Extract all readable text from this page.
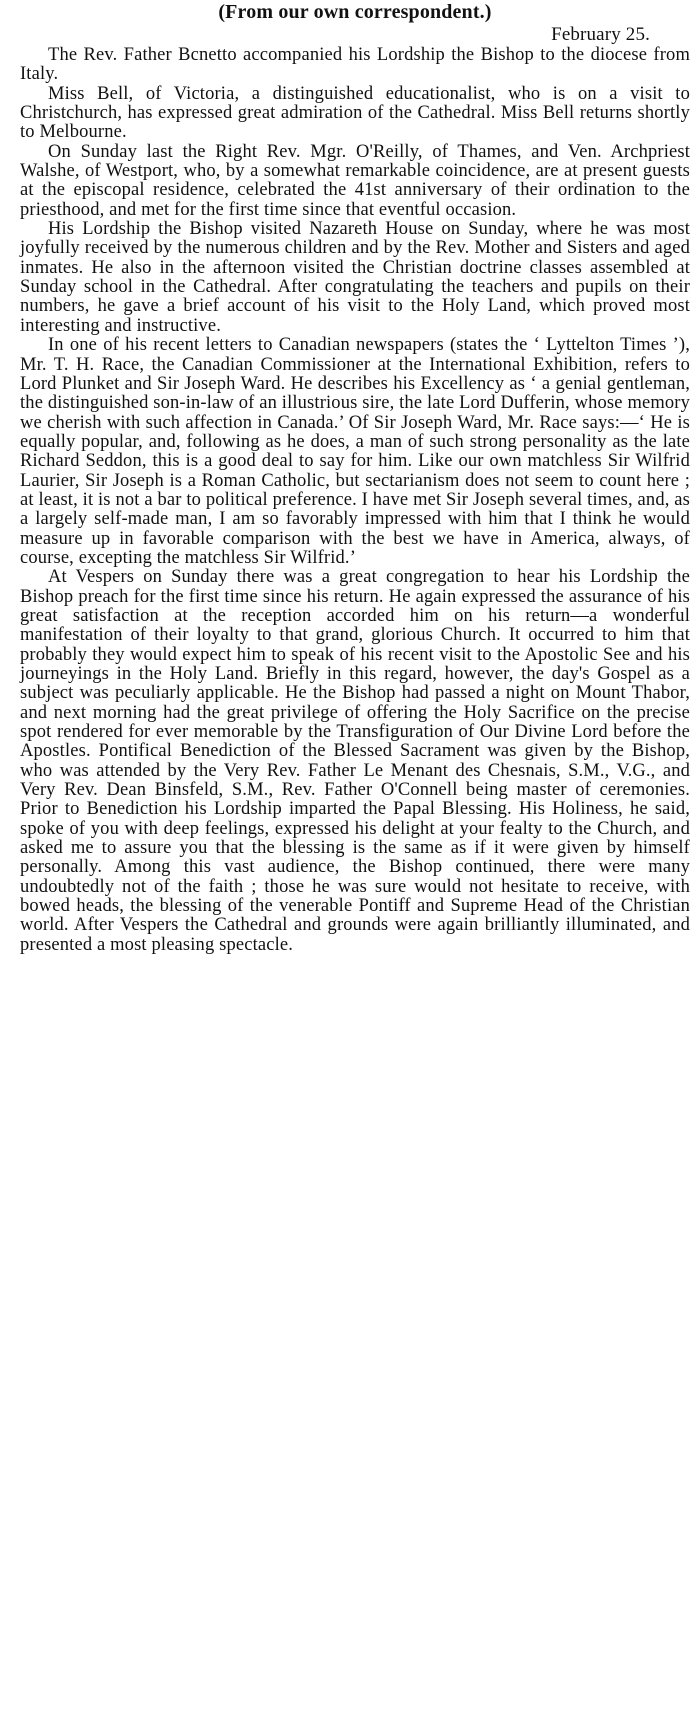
(From our own correspondent.)

February 25.

The Rev. Father Bcnetto accompanied his Lordship the Bishop to the diocese from Italy.

Miss Bell, of Victoria, a distinguished educationalist, who is on a visit to Christchurch, has expressed great admiration of the Cathedral. Miss Bell returns shortly to Melbourne.

On Sunday last the Right Rev. Mgr. O'Reilly, of Thames, and Ven. Archpriest Walshe, of Westport, who, by a somewhat remarkable coincidence, are at present guests at the episcopal residence, celebrated the 41st anniversary of their ordination to the priesthood, and met for the first time since that eventful occasion.

His Lordship the Bishop visited Nazareth House on Sunday, where he was most joyfully received by the numerous children and by the Rev. Mother and Sisters and aged inmates. He also in the afternoon visited the Christian doctrine classes assembled at Sunday school in the Cathedral. After congratulating the teachers and pupils on their numbers, he gave a brief account of his visit to the Holy Land, which proved most interesting and instructive.

In one of his recent letters to Canadian newspapers (states the ‘ Lyttelton Times ’), Mr. T. H. Race, the Canadian Commissioner at the International Exhibition, refers to Lord Plunket and Sir Joseph Ward. He describes his Excellency as ‘ a genial gentleman, the distinguished son-in-law of an illustrious sire, the late Lord Dufferin, whose memory we cherish with such affection in Canada.’ Of Sir Joseph Ward, Mr. Race says:—‘ He is equally popular, and, following as he does, a man of such strong personality as the late Richard Seddon, this is a good deal to say for him. Like our own matchless Sir Wilfrid Laurier, Sir Joseph is a Roman Catholic, but sectarianism does not seem to count here ; at least, it is not a bar to political preference. I have met Sir Joseph several times, and, as a largely self-made man, I am so favorably impressed with him that I think he would measure up in favorable comparison with the best we have in America, always, of course, excepting the matchless Sir Wilfrid.’

At Vespers on Sunday there was a great congregation to hear his Lordship the Bishop preach for the first time since his return. He again expressed the assurance of his great satisfaction at the reception accorded him on his return—a wonderful manifestation of their loyalty to that grand, glorious Church. It occurred to him that probably they would expect him to speak of his recent visit to the Apostolic See and his journeyings in the Holy Land. Briefly in this regard, however, the day's Gospel as a subject was peculiarly applicable. He the Bishop had passed a night on Mount Thabor, and next morning had the great privilege of offering the Holy Sacrifice on the precise spot rendered for ever memorable by the Transfiguration of Our Divine Lord before the Apostles. Pontifical Benediction of the Blessed Sacrament was given by the Bishop, who was attended by the Very Rev. Father Le Menant des Chesnais, S.M., V.G., and Very Rev. Dean Binsfeld, S.M., Rev. Father O'Connell being master of ceremonies. Prior to Benediction his Lordship imparted the Papal Blessing. His Holiness, he said, spoke of you with deep feelings, expressed his delight at your fealty to the Church, and asked me to assure you that the blessing is the same as if it were given by himself personally. Among this vast audience, the Bishop continued, there were many undoubtedly not of the faith ; those he was sure would not hesitate to receive, with bowed heads, the blessing of the venerable Pontiff and Supreme Head of the Christian world. After Vespers the Cathedral and grounds were again brilliantly illuminated, and presented a most pleasing spectacle.
